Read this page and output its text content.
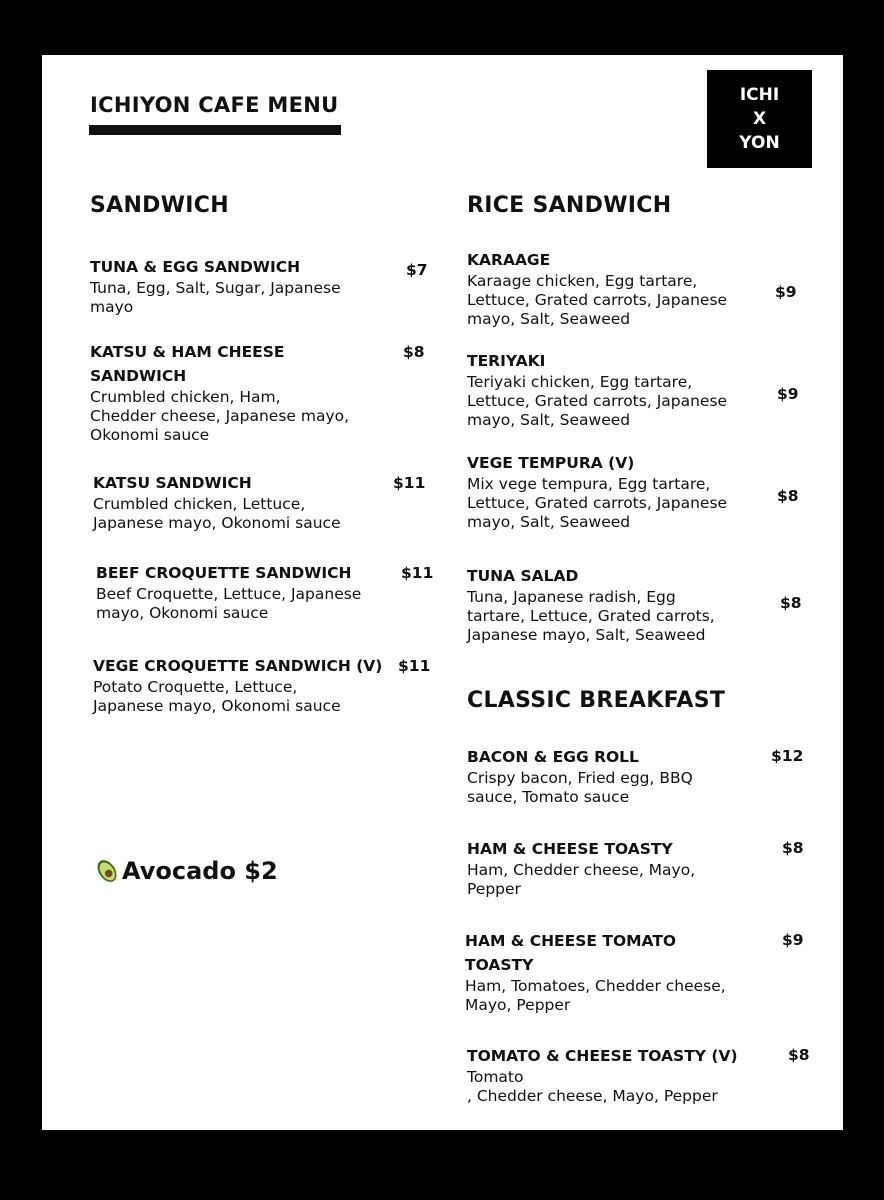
ICHIYON CAFE MENU	ICHI
X
YON
SANDWICH	RICE SANDWICH
CLASSIC BREAKFAST
TUNA & EGG SANDWICH
Tuna, Egg, Salt, Sugar, Japanese
mayo
$7
KATSU & HAM CHEESE
SANDWICH
Crumbled chicken, Ham,
Chedder cheese, Japanese mayo,
Okonomi sauce
$8
KATSU SANDWICH
Crumbled chicken, Lettuce,
Japanese mayo, Okonomi sauce
$11
BEEF CROQUETTE SANDWICH
Beef Croquette, Lettuce, Japanese
mayo, Okonomi sauce
$11
VEGE CROQUETTE SANDWICH (V)
Potato Croquette, Lettuce,
Japanese mayo, Okonomi sauce
$11
Avocado $2
KARAAGE
Karaage chicken, Egg tartare,
Lettuce, Grated carrots, Japanese
mayo, Salt, Seaweed
$9
TERIYAKI
Teriyaki chicken, Egg tartare,
Lettuce, Grated carrots, Japanese
mayo, Salt, Seaweed
$9
VEGE TEMPURA (V)
Mix vege tempura, Egg tartare,
Lettuce, Grated carrots, Japanese
mayo, Salt, Seaweed
$8
TUNA SALAD
Tuna, Japanese radish, Egg
tartare, Lettuce, Grated carrots,
Japanese mayo, Salt, Seaweed
$8
BACON & EGG ROLL
Crispy bacon, Fried egg, BBQ
sauce, Tomato sauce
$12
HAM & CHEESE TOASTY
Ham, Chedder cheese, Mayo,
Pepper
$8
HAM & CHEESE TOMATO
TOASTY
Ham, Tomatoes, Chedder cheese,
Mayo, Pepper
$9
TOMATO & CHEESE TOASTY (V)
Tomato
, Chedder cheese, Mayo, Pepper
$8
